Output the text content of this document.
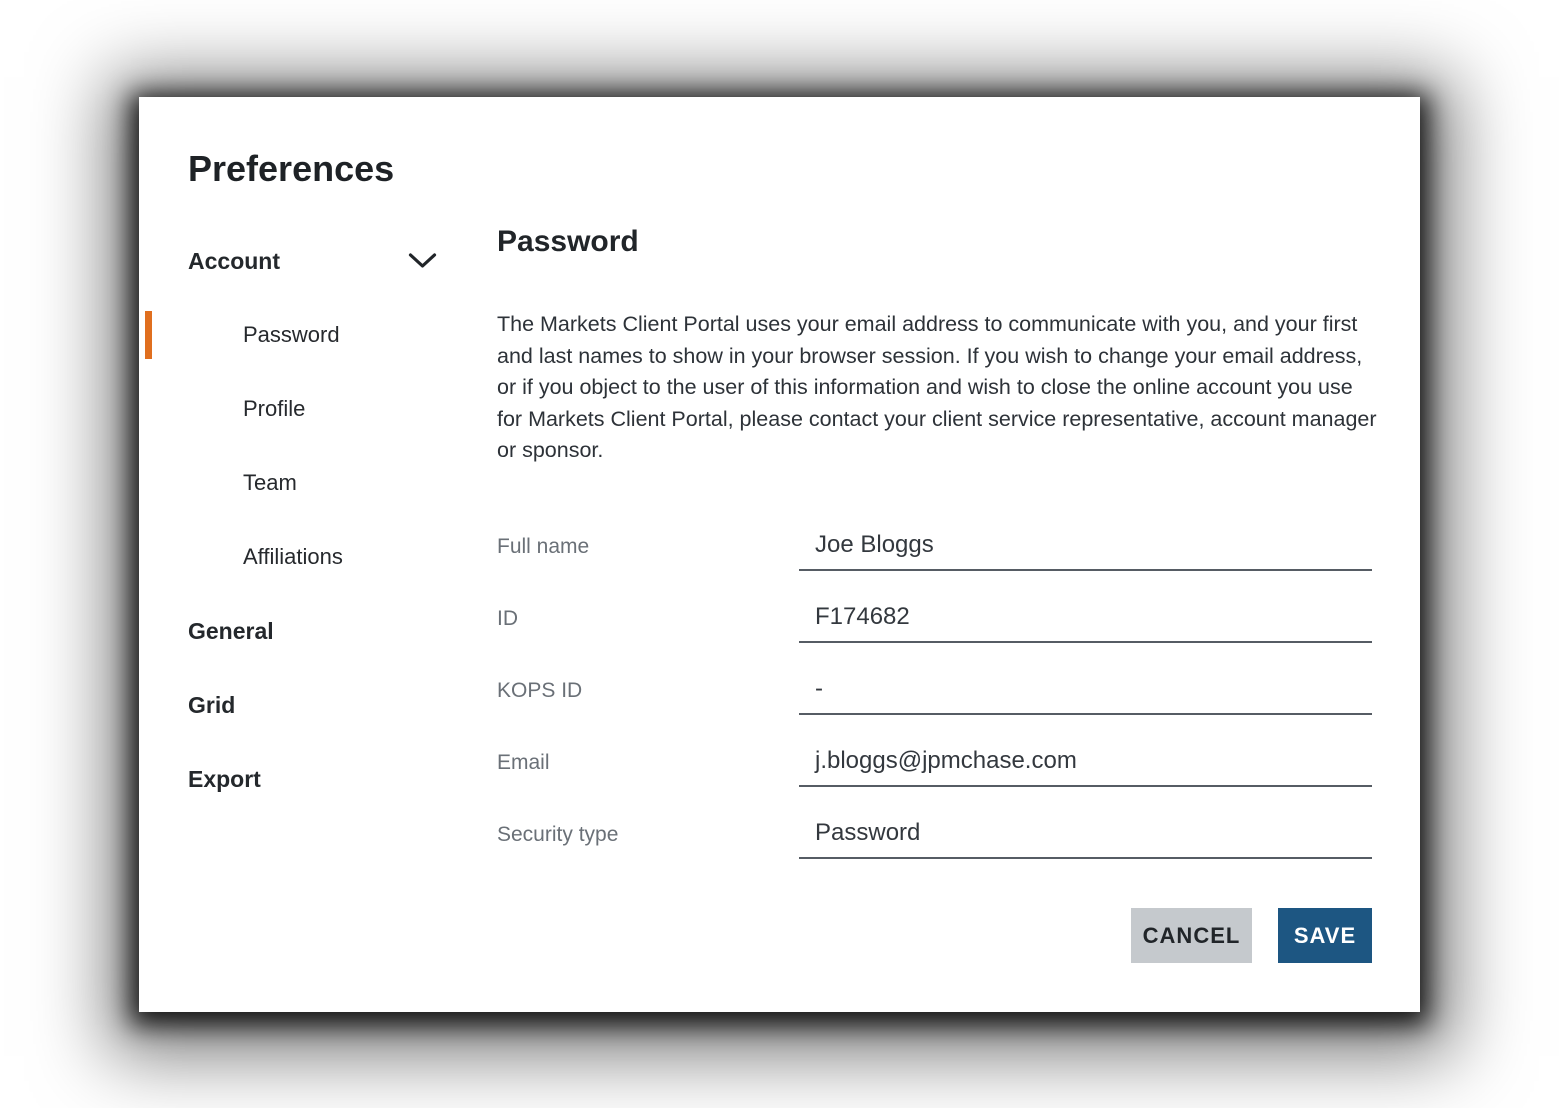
Preferences
Account
Password
Profile
Team
Affiliations
General
Grid
Export
Password

The Markets Client Portal uses your email address to communicate with you, and your first and last names to show in your browser session. If you wish to change your email address, or if you object to the user of this information and wish to close the online account you use for Markets Client Portal, please contact your client service representative, account manager or sponsor.

Full name	Joe Bloggs
ID	F174682
KOPS ID	-
Email	j.bloggs@jpmchase.com
Security type	Password
CANCEL	SAVE
